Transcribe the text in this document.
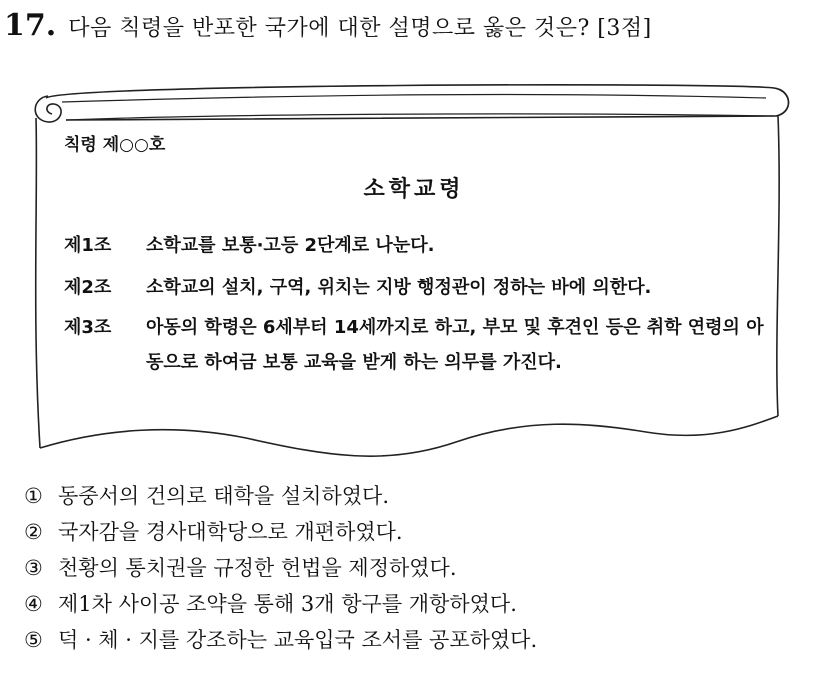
17. 다음 칙령을 반포한 국가에 대한 설명으로 옳은 것은? [3점]
칙령 제○○호
소학교령
제1조	소학교를 보통·고등 2단계로 나눈다.
제2조	소학교의 설치, 구역, 위치는 지방 행정관이 정하는 바에 의한다.
제3조	아동의 학령은 6세부터 14세까지로 하고, 부모 및 후견인 등은 취학 연령의 아동으로 하여금 보통 교육을 받게 하는 의무를 가진다.
① 동중서의 건의로 태학을 설치하였다.
② 국자감을 경사대학당으로 개편하였다.
③ 천황의 통치권을 규정한 헌법을 제정하였다.
④ 제1차 사이공 조약을 통해 3개 항구를 개항하였다.
⑤ 덕 · 체 · 지를 강조하는 교육입국 조서를 공포하였다.
